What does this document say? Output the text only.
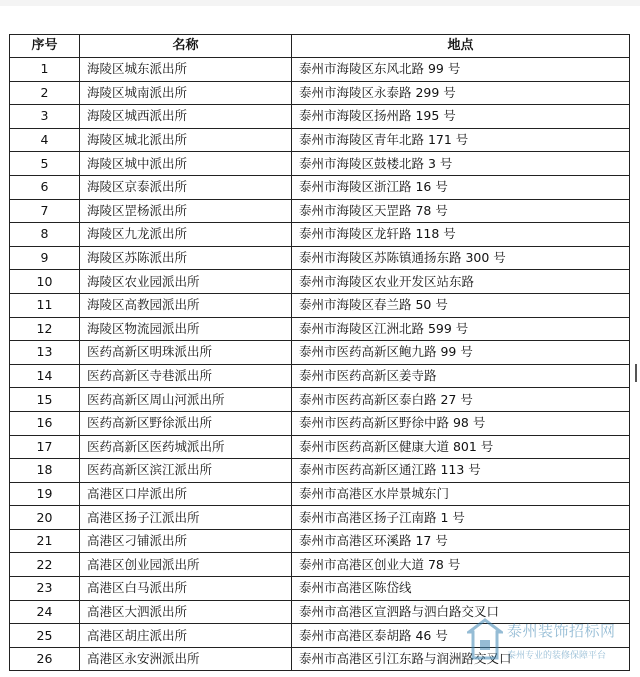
序号	名称	地点
1	海陵区城东派出所	泰州市海陵区东风北路 99 号
2	海陵区城南派出所	泰州市海陵区永泰路 299 号
3	海陵区城西派出所	泰州市海陵区扬州路 195 号
4	海陵区城北派出所	泰州市海陵区青年北路 171 号
5	海陵区城中派出所	泰州市海陵区鼓楼北路 3 号
6	海陵区京泰派出所	泰州市海陵区浙江路 16 号
7	海陵区罡杨派出所	泰州市海陵区天罡路 78 号
8	海陵区九龙派出所	泰州市海陵区龙轩路 118 号
9	海陵区苏陈派出所	泰州市海陵区苏陈镇通扬东路 300 号
10	海陵区农业园派出所	泰州市海陵区农业开发区站东路
11	海陵区高教园派出所	泰州市海陵区春兰路 50 号
12	海陵区物流园派出所	泰州市海陵区江洲北路 599 号
13	医药高新区明珠派出所	泰州市医药高新区鲍九路 99 号
14	医药高新区寺巷派出所	泰州市医药高新区姜寺路
15	医药高新区周山河派出所	泰州市医药高新区泰白路 27 号
16	医药高新区野徐派出所	泰州市医药高新区野徐中路 98 号
17	医药高新区医药城派出所	泰州市医药高新区健康大道 801 号
18	医药高新区滨江派出所	泰州市医药高新区通江路 113 号
19	高港区口岸派出所	泰州市高港区水岸景城东门
20	高港区扬子江派出所	泰州市高港区扬子江南路 1 号
21	高港区刁铺派出所	泰州市高港区环溪路 17 号
22	高港区创业园派出所	泰州市高港区创业大道 78 号
23	高港区白马派出所	泰州市高港区陈岱线
24	高港区大泗派出所	泰州市高港区宣泗路与泗白路交叉口
25	高港区胡庄派出所	泰州市高港区泰胡路 46 号
26	高港区永安洲派出所	泰州市高港区引江东路与润洲路交叉口
泰州装饰招标网
泰州专业的装修保障平台
